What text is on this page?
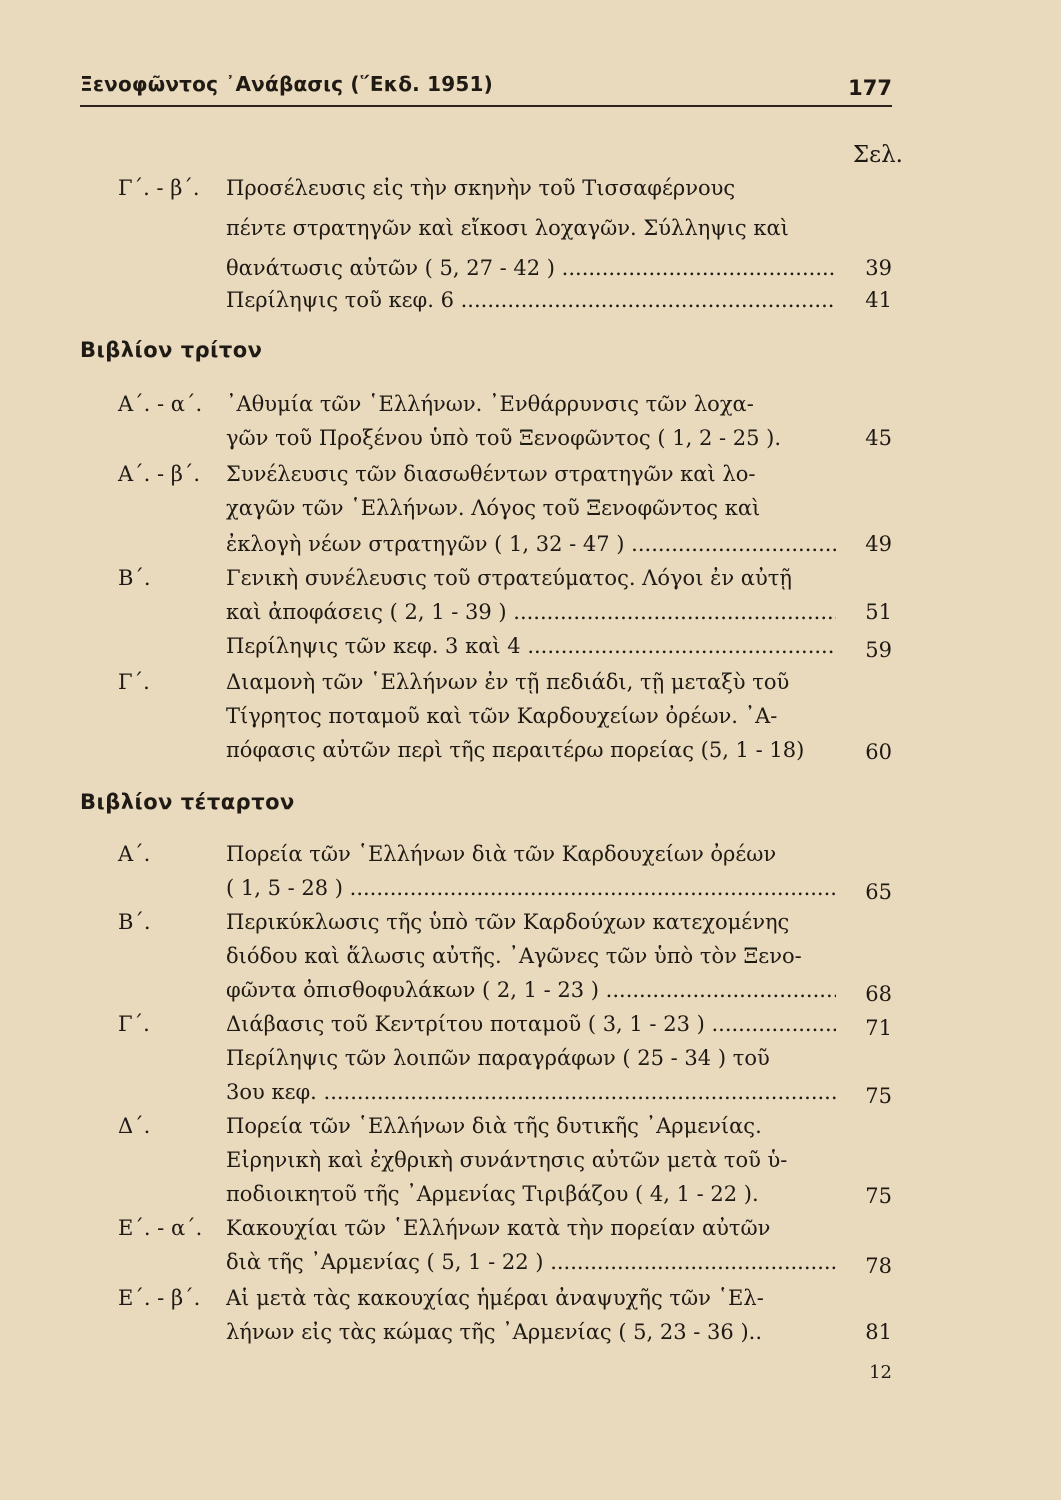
Ξενοφῶντος ᾿Ανάβασις (῞Εκδ. 1951)	177
Σελ.
Γ΄. - β΄. Προσέλευσις εἰς τὴν σκηνὴν τοῦ Τισσαφέρνους
πέντε στρατηγῶν καὶ εἴκοσι λοχαγῶν. Σύλληψις καὶ
θανάτωσις αὐτῶν ( 5, 27 - 42 ) .....	39
Περίληψις τοῦ κεφ. 6 .....	41
Βιβλίον τρίτον
Α΄. - α΄. ᾿Αθυμία τῶν ῾Ελλήνων. ᾿Ενθάρρυνσις τῶν λοχα-
γῶν τοῦ Προξένου ὑπὸ τοῦ Ξενοφῶντος ( 1, 2 - 25 ).	45
Α΄. - β΄. Συνέλευσις τῶν διασωθέντων στρατηγῶν καὶ λο-
χαγῶν τῶν ῾Ελλήνων. Λόγος τοῦ Ξενοφῶντος καὶ
ἐκλογὴ νέων στρατηγῶν ( 1, 32 - 47 ) .....	49
Β΄.	Γενικὴ συνέλευσις τοῦ στρατεύματος. Λόγοι ἐν αὐτῇ
καὶ ἀποφάσεις ( 2, 1 - 39 ) .....	51
Περίληψις τῶν κεφ. 3 καὶ 4 .....	59
Γ΄.	Διαμονὴ τῶν ῾Ελλήνων ἐν τῇ πεδιάδι, τῇ μεταξὺ τοῦ
Τίγρητος ποταμοῦ καὶ τῶν Καρδουχείων ὀρέων. ᾿Α-
πόφασις αὐτῶν περὶ τῆς περαιτέρω πορείας (5, 1 - 18)	60
Βιβλίον τέταρτον
Α΄.	Πορεία τῶν ῾Ελλήνων διὰ τῶν Καρδουχείων ὀρέων
( 1, 5 - 28 ) .....	65
Β΄.	Περικύκλωσις τῆς ὑπὸ τῶν Καρδούχων κατεχομένης
διόδου καὶ ἅλωσις αὐτῆς. ᾿Αγῶνες τῶν ὑπὸ τὸν Ξενο-
φῶντα ὀπισθοφυλάκων ( 2, 1 - 23 ) .....	68
Γ΄.	Διάβασις τοῦ Κεντρίτου ποταμοῦ ( 3, 1 - 23 ) .....	71
Περίληψις τῶν λοιπῶν παραγράφων ( 25 - 34 ) τοῦ
3ου κεφ. .....	75
Δ΄.	Πορεία τῶν ῾Ελλήνων διὰ τῆς δυτικῆς ᾿Αρμενίας.
Εἰρηνικὴ καὶ ἐχθρικὴ συνάντησις αὐτῶν μετὰ τοῦ ὑ-
ποδιοικητοῦ τῆς ᾿Αρμενίας Τιριβάζου ( 4, 1 - 22 ).	75
Ε΄. - α΄. Κακουχίαι τῶν ῾Ελλήνων κατὰ τὴν πορείαν αὐτῶν
διὰ τῆς ᾿Αρμενίας ( 5, 1 - 22 ) .....	78
Ε΄. - β΄. Αἱ μετὰ τὰς κακουχίας ἡμέραι ἀναψυχῆς τῶν ῾Ελ-
λήνων εἰς τὰς κώμας τῆς ᾿Αρμενίας ( 5, 23 - 36 )..	81
12
